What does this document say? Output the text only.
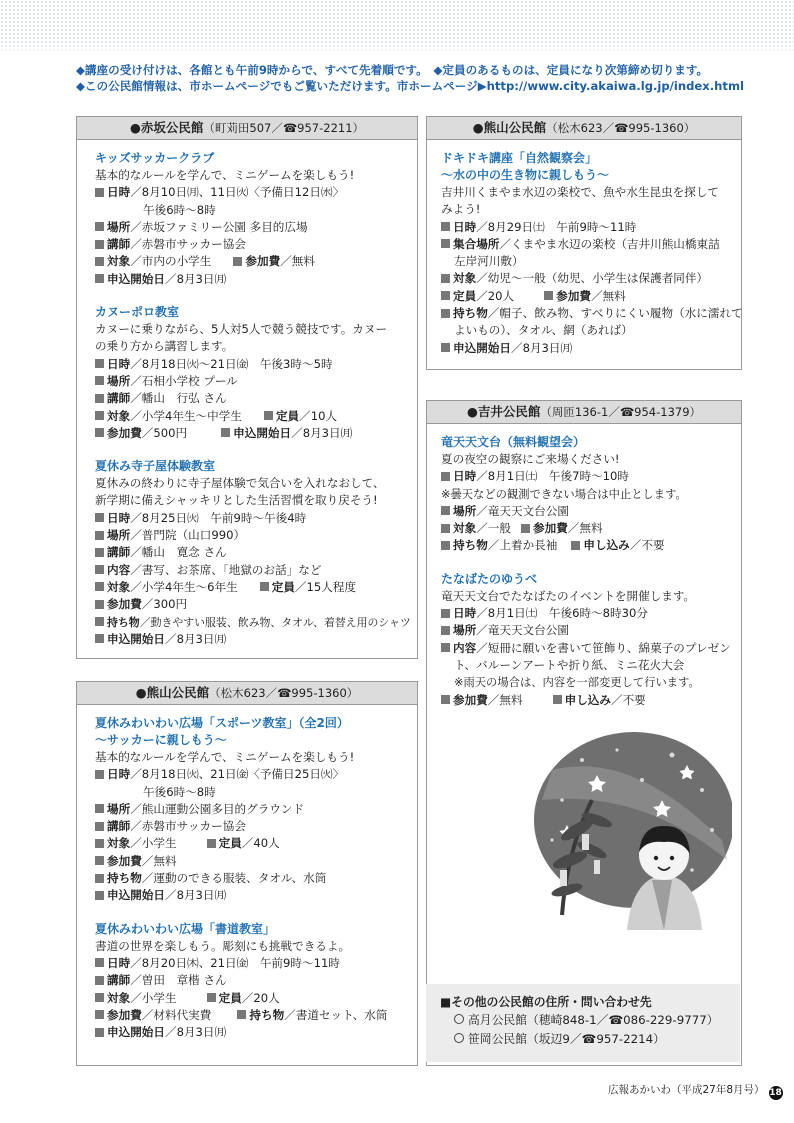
◆講座の受け付けは、各館とも午前9時からで、すべて先着順です。　◆定員のあるものは、定員になり次第締め切ります。
◆この公民館情報は、市ホームページでもご覧いただけます。市ホームページ▶http://www.city.akaiwa.lg.jp/index.html
●赤坂公民館（町苅田507／☎957-2211）
キッズサッカークラブ
基本的なルールを学んで、ミニゲームを楽しもう!
日時／8月10日㈪、11日㈫〈予備日12日㈬〉
午後6時～8時
場所／赤坂ファミリー公園 多目的広場
講師／赤磐市サッカー協会
対象／市内の小学生	参加費／無料
申込開始日／8月3日㈪
カヌーポロ教室
カヌーに乗りながら、5人対5人で競う競技です。カヌー
の乗り方から講習します。
日時／8月18日㈫～21日㈮　午後3時～5時
場所／石相小学校 プール
講師／幡山　行弘 さん
対象／小学4年生～中学生	定員／10人
参加費／500円	申込開始日／8月3日㈪
夏休み寺子屋体験教室
夏休みの終わりに寺子屋体験で気合いを入れなおして、
新学期に備えシャッキリとした生活習慣を取り戻そう!
日時／8月25日㈫　午前9時～午後4時
場所／普門院（山口990）
講師／幡山　寛念 さん
内容／書写、お茶席、「地獄のお話」など
対象／小学4年生～6年生	定員／15人程度
参加費／300円
持ち物／動きやすい服装、飲み物、タオル、着替え用のシャツ
申込開始日／8月3日㈪
●熊山公民館（松木623／☎995-1360）
夏休みわいわい広場「スポーツ教室」（全2回）
～サッカーに親しもう～
基本的なルールを学んで、ミニゲームを楽しもう!
日時／8月18日㈫、21日㈮〈予備日25日㈫〉
午後6時～8時
場所／熊山運動公園多目的グラウンド
講師／赤磐市サッカー協会
対象／小学生	定員／40人
参加費／無料
持ち物／運動のできる服装、タオル、水筒
申込開始日／8月3日㈪
夏休みわいわい広場「書道教室」
書道の世界を楽しもう。彫刻にも挑戦できるよ。
日時／8月20日㈭、21日㈮　午前9時～11時
講師／曽田　章楷 さん
対象／小学生	定員／20人
参加費／材料代実費	持ち物／書道セット、水筒
申込開始日／8月3日㈪
●熊山公民館（松木623／☎995-1360）
ドキドキ講座「自然観察会」
～水の中の生き物に親しもう～
吉井川くまやま水辺の楽校で、魚や水生昆虫を探して
みよう!
日時／8月29日㈯　午前9時～11時
集合場所／くまやま水辺の楽校（吉井川熊山橋東詰
左岸河川敷）
対象／幼児～一般（幼児、小学生は保護者同伴）
定員／20人	参加費／無料
持ち物／帽子、飲み物、すべりにくい履物（水に濡れて
よいもの）、タオル、網（あれば）
申込開始日／8月3日㈪
●吉井公民館（周匝136-1／☎954-1379）
竜天天文台（無料観望会）
夏の夜空の観察にご来場ください!
日時／8月1日㈯　午後7時～10時
※曇天などの観測できない場合は中止とします。
場所／竜天天文台公園
対象／一般 参加費／無料
持ち物／上着か長袖 申し込み／不要
たなばたのゆうべ
竜天天文台でたなばたのイベントを開催します。
日時／8月1日㈯　午後6時～8時30分
場所／竜天天文台公園
内容／短冊に願いを書いて笹飾り、綿菓子のプレゼン
ト、バルーンアートや折り紙、ミニ花火大会
※雨天の場合は、内容を一部変更して行います。
参加費／無料	申し込み／不要
■その他の公民館の住所・問い合わせ先
高月公民館（穂崎848-1／☎086-229-9777）
笹岡公民館（坂辺9／☎957-2214）
広報あかいわ（平成27年8月号） 18
